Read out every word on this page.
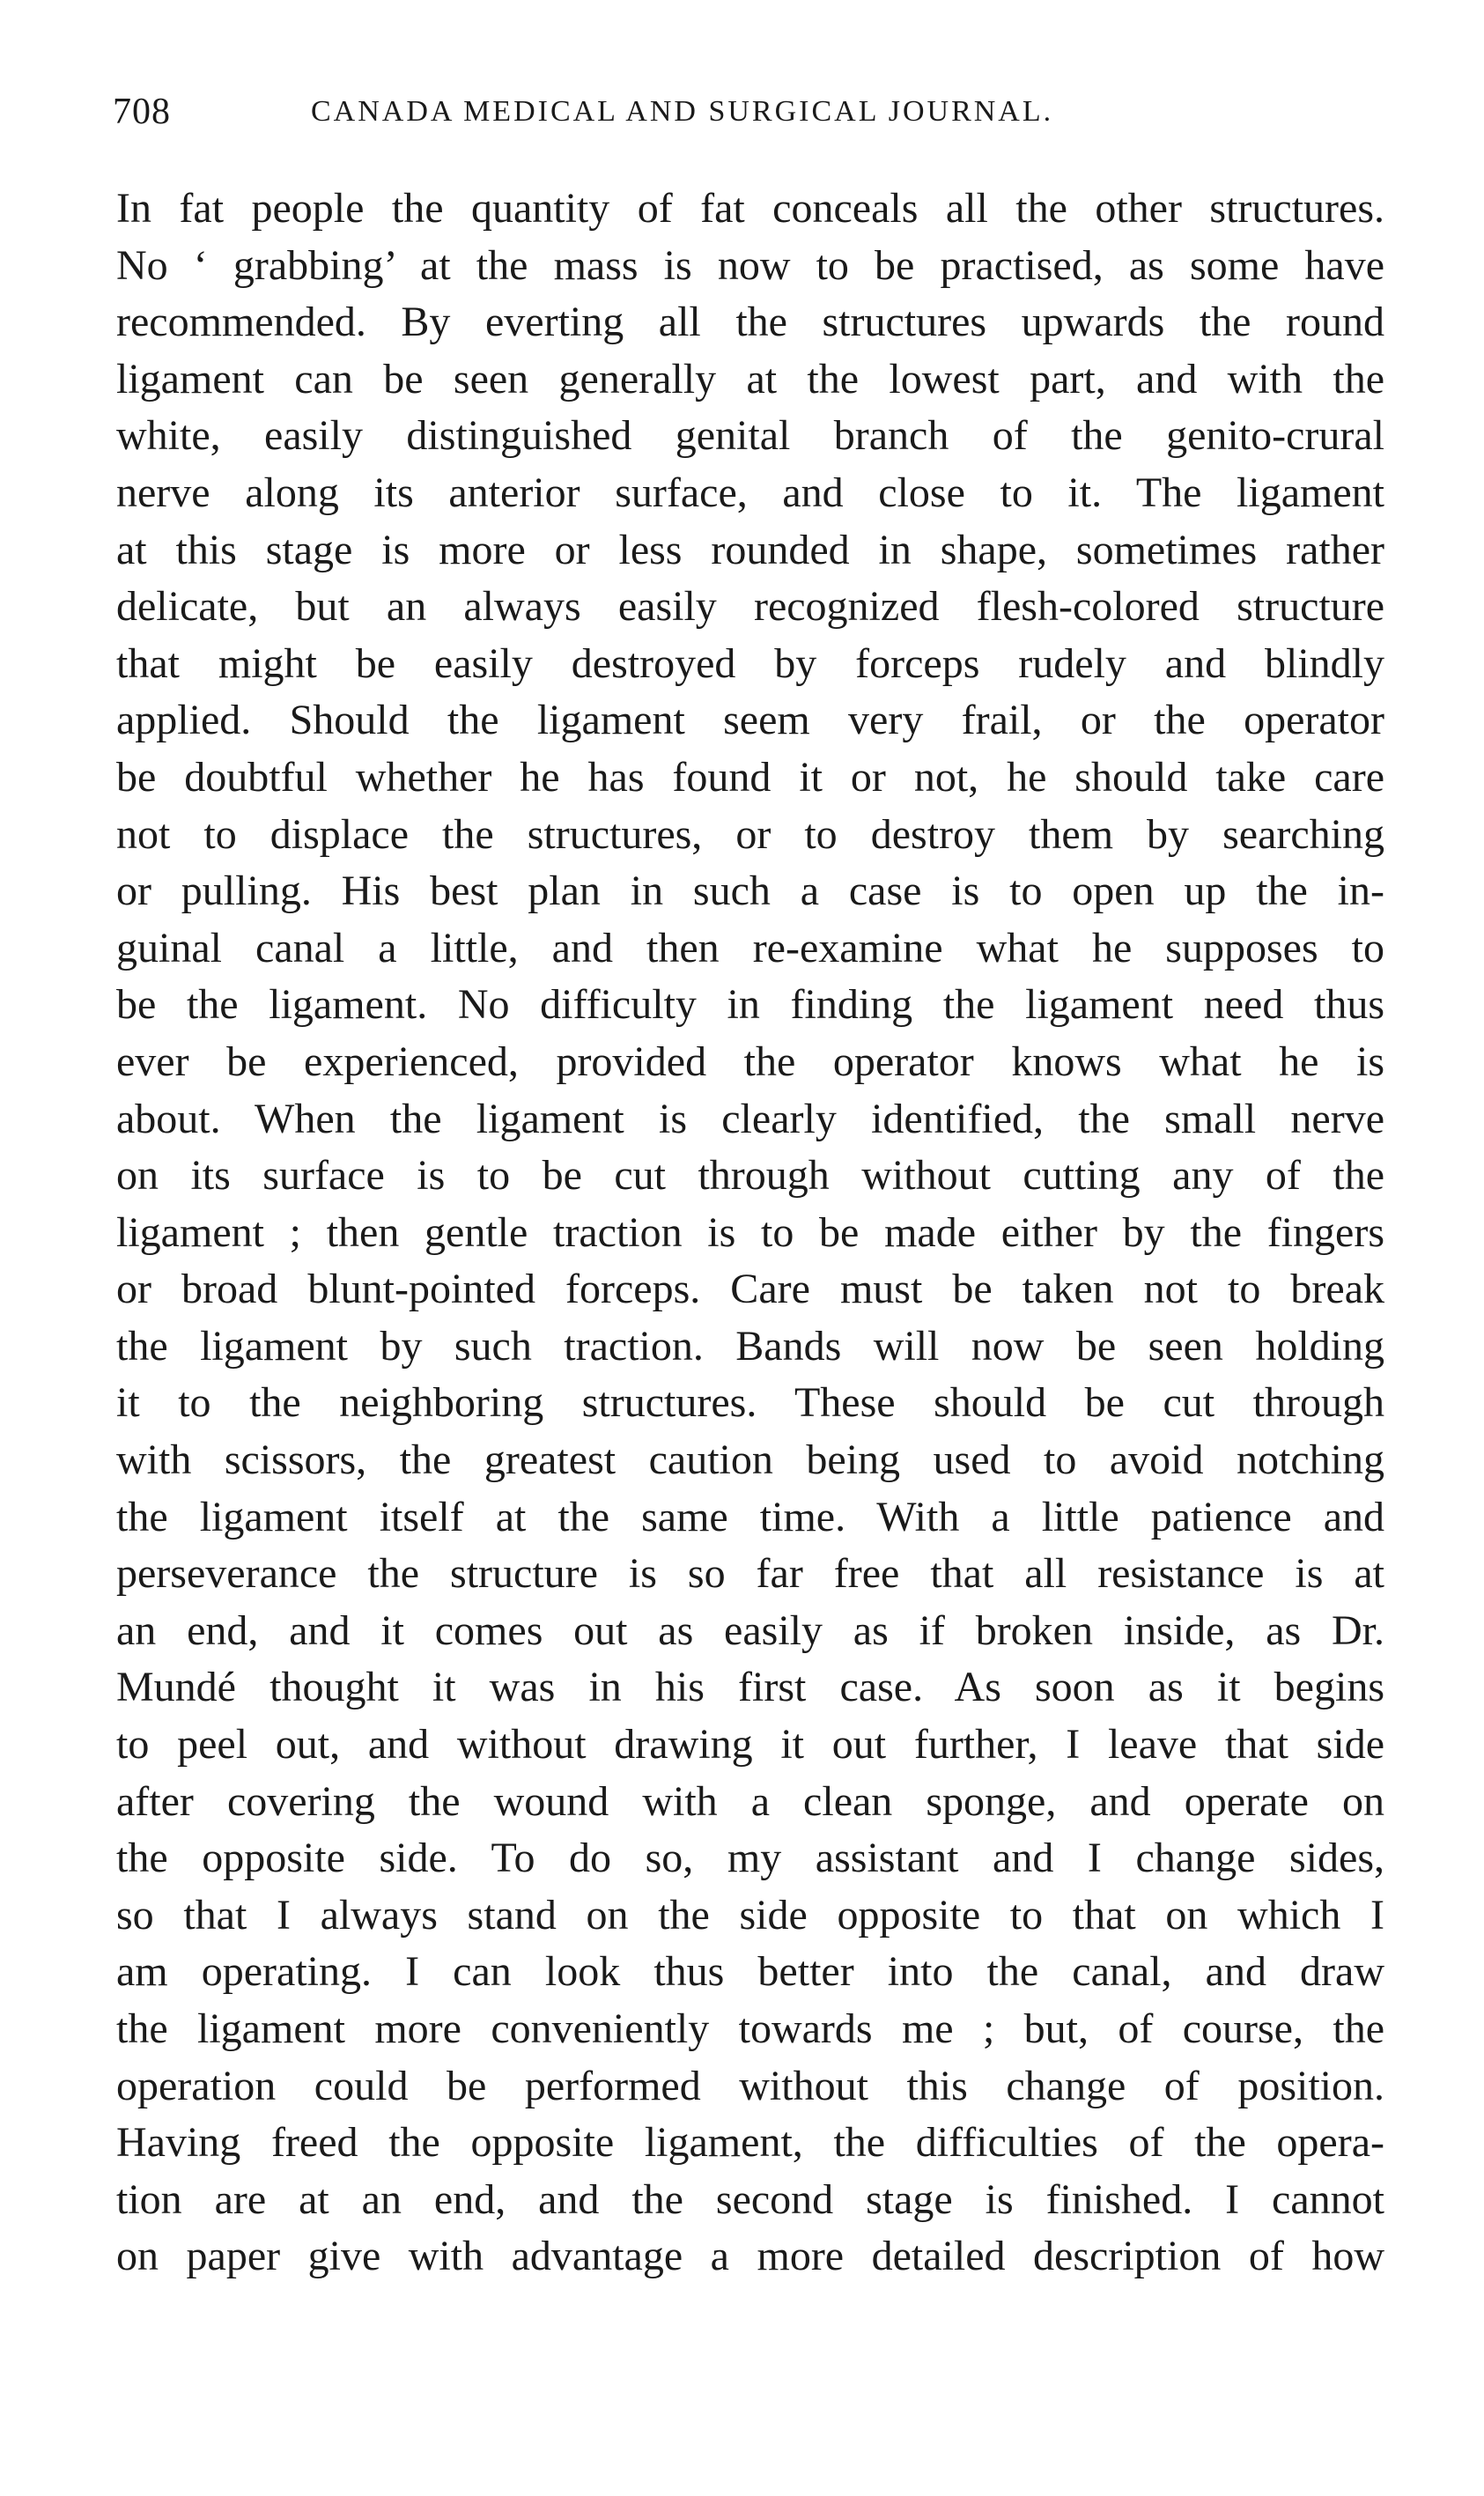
708	CANADA MEDICAL AND SURGICAL JOURNAL.
In fat people the quantity of fat conceals all the other structures.
No ‘ grabbing’ at the mass is now to be practised, as some have
recommended. By everting all the structures upwards the round
ligament can be seen generally at the lowest part, and with the
white, easily distinguished genital branch of the genito-crural
nerve along its anterior surface, and close to it. The ligament
at this stage is more or less rounded in shape, sometimes rather
delicate, but an always easily recognized flesh-colored structure
that might be easily destroyed by forceps rudely and blindly
applied. Should the ligament seem very frail, or the operator
be doubtful whether he has found it or not, he should take care
not to displace the structures, or to destroy them by searching
or pulling. His best plan in such a case is to open up the in-
guinal canal a little, and then re-examine what he supposes to
be the ligament. No difficulty in finding the ligament need thus
ever be experienced, provided the operator knows what he is
about. When the ligament is clearly identified, the small nerve
on its surface is to be cut through without cutting any of the
ligament ; then gentle traction is to be made either by the fingers
or broad blunt-pointed forceps. Care must be taken not to break
the ligament by such traction. Bands will now be seen holding
it to the neighboring structures. These should be cut through
with scissors, the greatest caution being used to avoid notching
the ligament itself at the same time. With a little patience and
perseverance the structure is so far free that all resistance is at
an end, and it comes out as easily as if broken inside, as Dr.
Mundé thought it was in his first case. As soon as it begins
to peel out, and without drawing it out further, I leave that side
after covering the wound with a clean sponge, and operate on
the opposite side. To do so, my assistant and I change sides,
so that I always stand on the side opposite to that on which I
am operating. I can look thus better into the canal, and draw
the ligament more conveniently towards me ; but, of course, the
operation could be performed without this change of position.
Having freed the opposite ligament, the difficulties of the opera-
tion are at an end, and the second stage is finished. I cannot
on paper give with advantage a more detailed description of how
